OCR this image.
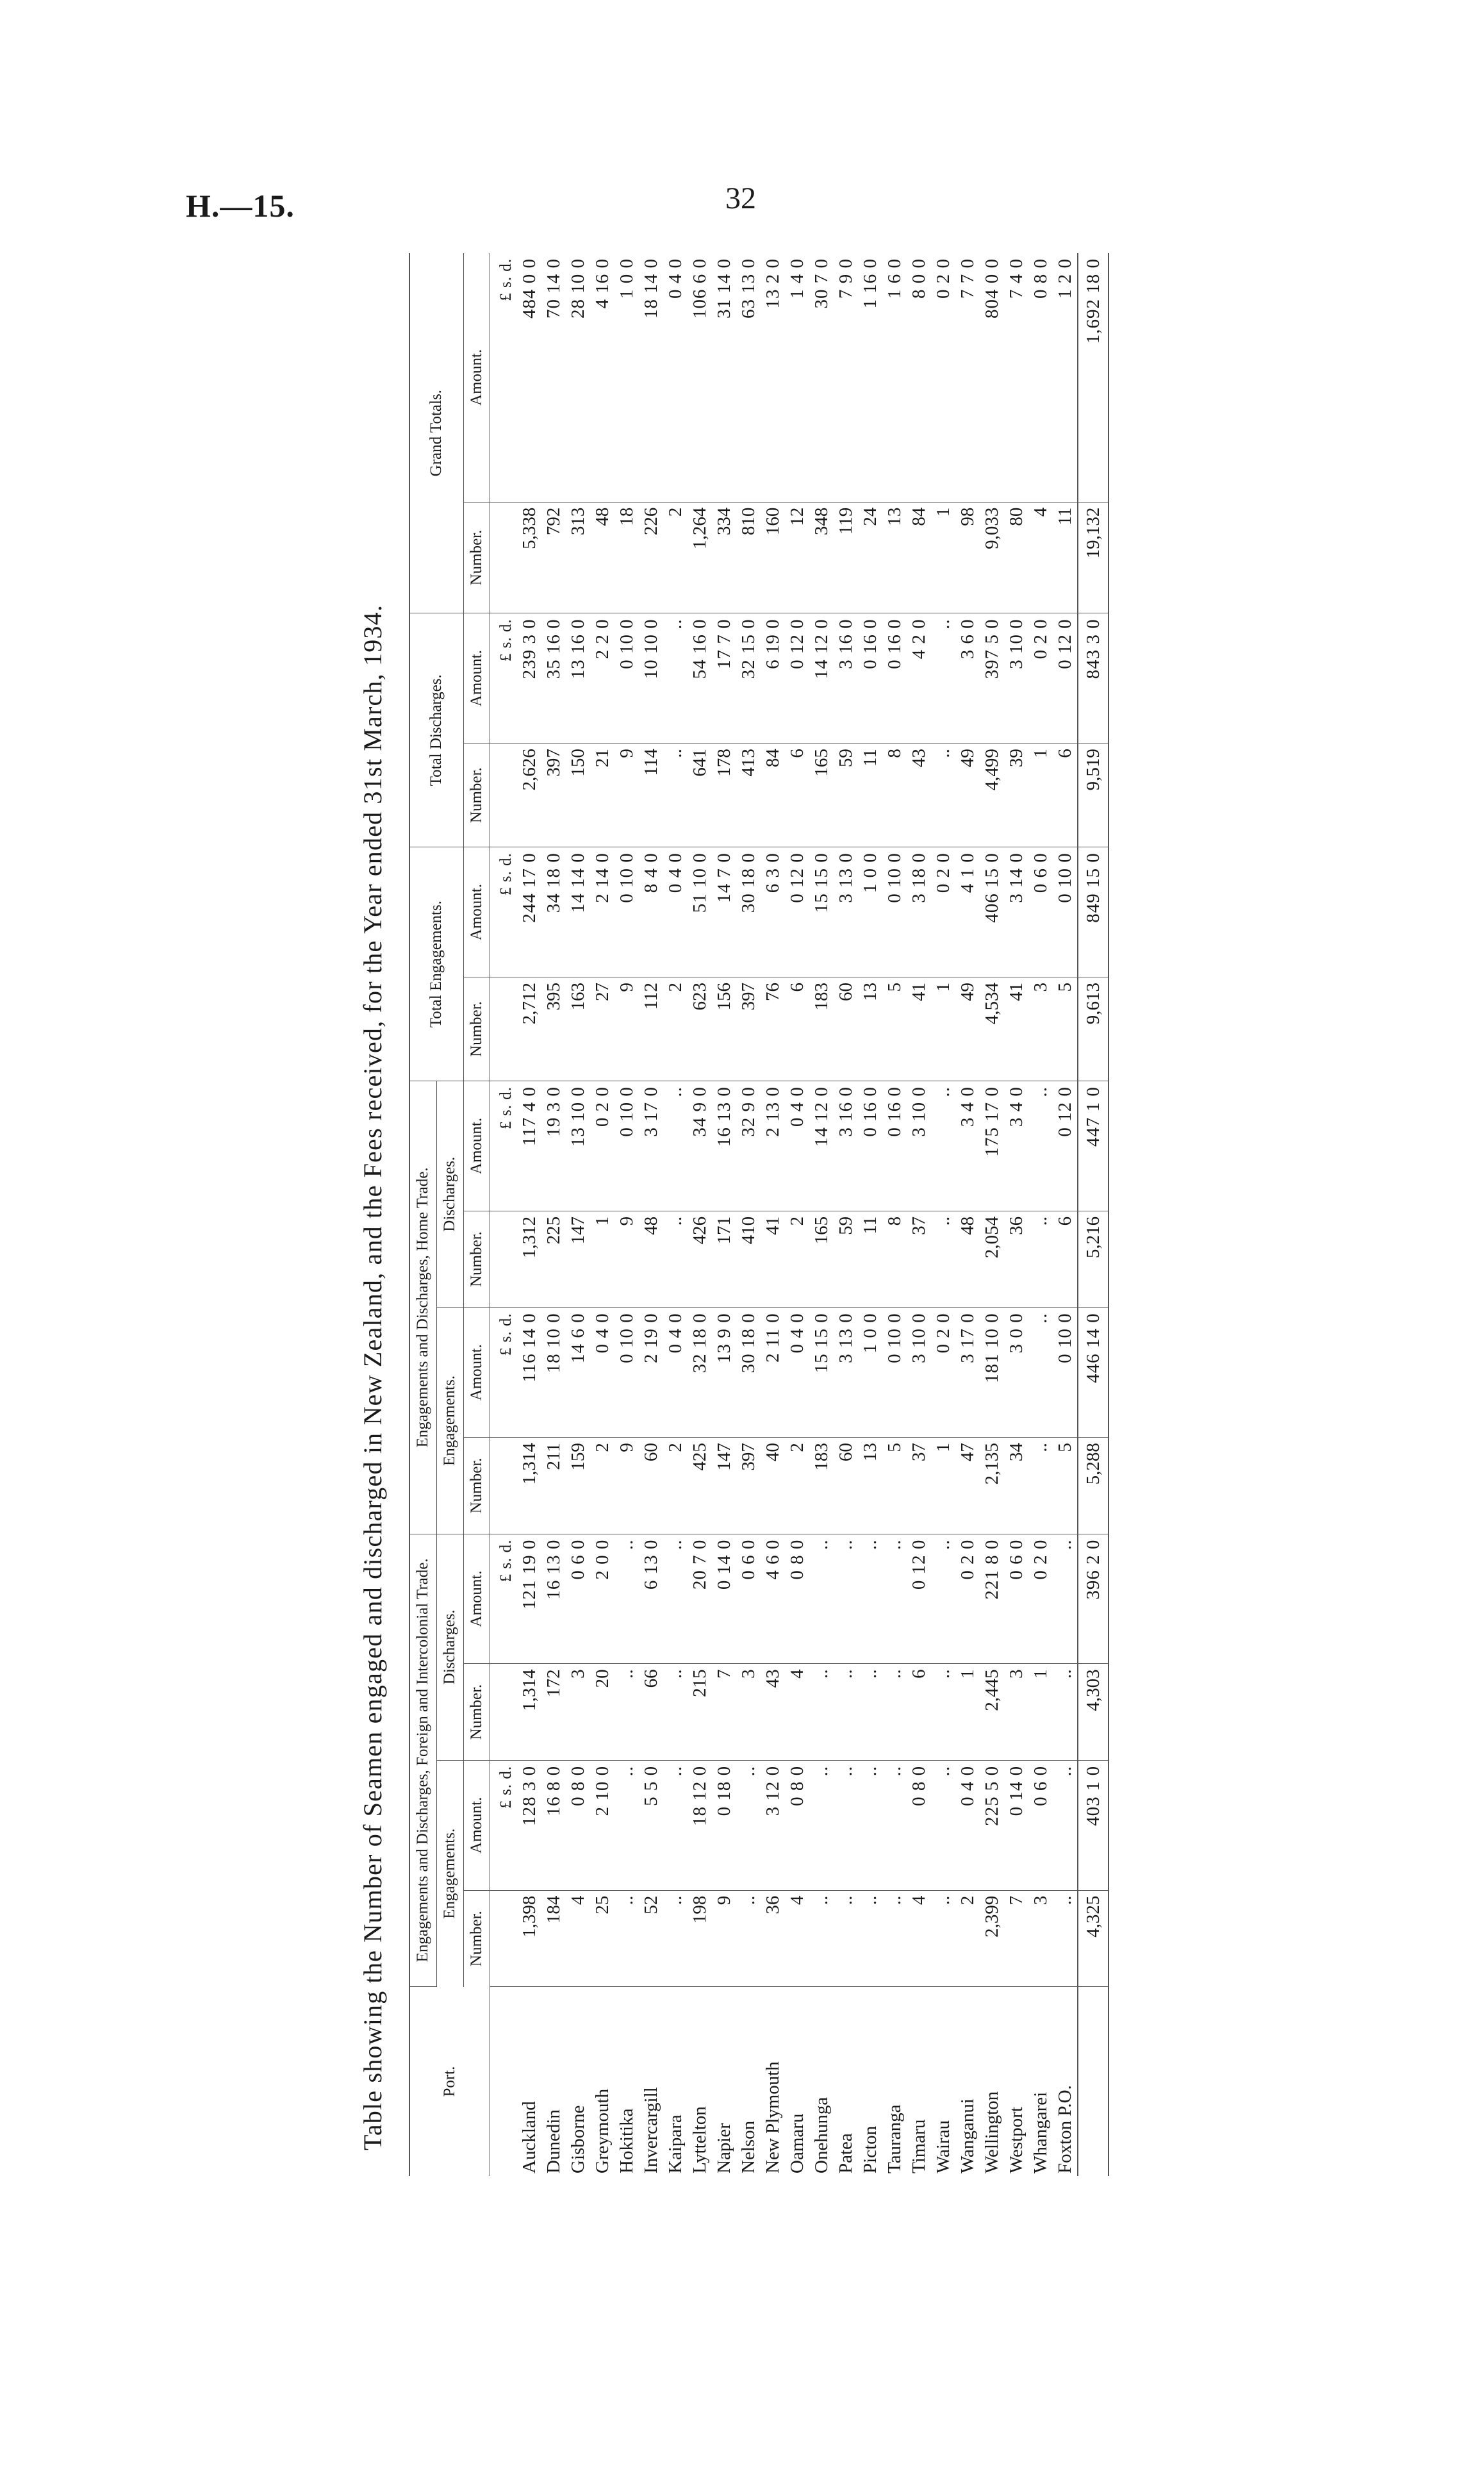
H.—15.	32
Table showing the Number of Seamen engaged and discharged in New Zealand, and the Fees received, for the Year ended 31st March, 1934.	Port.	Engagements and Discharges, Foreign and Intercolonial Trade.				Engagements and Discharges, Home Trade.				Total Engagements.		Total Discharges.		Grand Totals.	
	Engagements.		Discharges.		Engagements.		Discharges.							
	Number.	Amount.	Number.	Amount.	Number.	Amount.	Number.	Amount.	Number.	Amount.	Number.	Amount.	Number.	Amount.
		£ s. d.		£ s. d.		£ s. d.		£ s. d.		£ s. d.		£ s. d.		£ s. d.
Auckland	1,398	128 3 0	1,314	121 19 0	1,314	116 14 0	1,312	117 4 0	2,712	244 17 0	2,626	239 3 0	5,338	484 0 0
Dunedin	184	16 8 0	172	16 13 0	211	18 10 0	225	19 3 0	395	34 18 0	397	35 16 0	792	70 14 0
Gisborne	4	0 8 0	3	0 6 0	159	14 6 0	147	13 10 0	163	14 14 0	150	13 16 0	313	28 10 0
Greymouth	25	2 10 0	20	2 0 0	2	0 4 0	1	0 2 0	27	2 14 0	21	2 2 0	48	4 16 0
Hokitika	..	..	..	..	9	0 10 0	9	0 10 0	9	0 10 0	9	0 10 0	18	1 0 0
Invercargill	52	5 5 0	66	6 13 0	60	2 19 0	48	3 17 0	112	8 4 0	114	10 10 0	226	18 14 0
Kaipara	..	..	..	..	2	0 4 0	..	..	2	0 4 0	..	..	2	0 4 0
Lyttelton	198	18 12 0	215	20 7 0	425	32 18 0	426	34 9 0	623	51 10 0	641	54 16 0	1,264	106 6 0
Napier	9	0 18 0	7	0 14 0	147	13 9 0	171	16 13 0	156	14 7 0	178	17 7 0	334	31 14 0
Nelson	..	..	3	0 6 0	397	30 18 0	410	32 9 0	397	30 18 0	413	32 15 0	810	63 13 0
New Plymouth	36	3 12 0	43	4 6 0	40	2 11 0	41	2 13 0	76	6 3 0	84	6 19 0	160	13 2 0
Oamaru	4	0 8 0	4	0 8 0	2	0 4 0	2	0 4 0	6	0 12 0	6	0 12 0	12	1 4 0
Onehunga	..	..	..	..	183	15 15 0	165	14 12 0	183	15 15 0	165	14 12 0	348	30 7 0
Patea	..	..	..	..	60	3 13 0	59	3 16 0	60	3 13 0	59	3 16 0	119	7 9 0
Picton	..	..	..	..	13	1 0 0	11	0 16 0	13	1 0 0	11	0 16 0	24	1 16 0
Tauranga	..	..	..	..	5	0 10 0	8	0 16 0	5	0 10 0	8	0 16 0	13	1 6 0
Timaru	4	0 8 0	6	0 12 0	37	3 10 0	37	3 10 0	41	3 18 0	43	4 2 0	84	8 0 0
Wairau	..	..	..	..	1	0 2 0	..	..	1	0 2 0	..	..	1	0 2 0
Wanganui	2	0 4 0	1	0 2 0	47	3 17 0	48	3 4 0	49	4 1 0	49	3 6 0	98	7 7 0
Wellington	2,399	225 5 0	2,445	221 8 0	2,135	181 10 0	2,054	175 17 0	4,534	406 15 0	4,499	397 5 0	9,033	804 0 0
Westport	7	0 14 0	3	0 6 0	34	3 0 0	36	3 4 0	41	3 14 0	39	3 10 0	80	7 4 0
Whangarei	3	0 6 0	1	0 2 0	..	..	..	..	3	0 6 0	1	0 2 0	4	0 8 0
Foxton P.O.	..	..	..	..	5	0 10 0	6	0 12 0	5	0 10 0	6	0 12 0	11	1 2 0
	4,325	403 1 0	4,303	396 2 0	5,288	446 14 0	5,216	447 1 0	9,613	849 15 0	9,519	843 3 0	19,132	1,692 18 0
